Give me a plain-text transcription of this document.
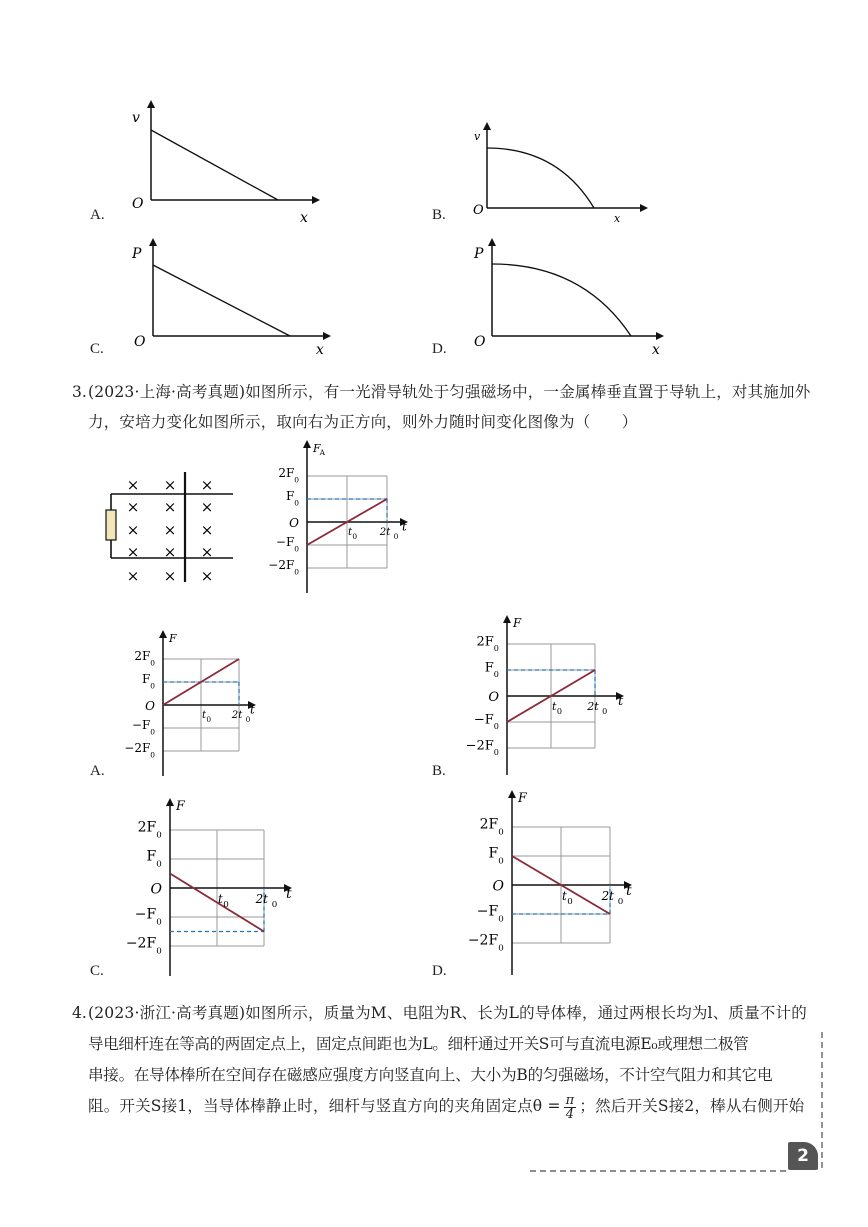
v
x
O
A.
v
x
O
B.
P
x
O
C.
P
x
O
D.
3. (2023·上海·高考真题)如图所示，有一光滑导轨处于匀强磁场中，一金属棒垂直置于导轨上，对其施加外
力，安培力变化如图所示，取向右为正方向，则外力随时间变化图像为（　　）
× × ×
× × ×
× × ×
× × ×
× × ×
2F 0
F 0
−F 0
−2F 0
O
t 0 2t 0
t
F A
2F 0
F 0
−F 0
−2F 0
O
t 0 2t 0
t
F
A.
2F 0
F 0
−F 0
−2F 0
O
t 0 2t 0
t
F
B.
2F
0
F
0
−F
0
−2F
0
O
t 0 2t 0
t
F
C.
2F
0
F
0
−F
0
−2F
0
O
t 0 2t 0
t
F
D.
4. (2023·浙江·高考真题)如图所示，质量为M、电阻为R、长为L的导体棒，通过两根长均为l、质量不计的
导电细杆连在等高的两固定点上，固定点间距也为L。细杆通过开关S可与直流电源E₀或理想二极管
串接。在导体棒所在空间存在磁感应强度方向竖直向上、大小为B的匀强磁场，不计空气阻力和其它电
阻。开关S接1，当导体棒静止时，细杆与竖直方向的夹角固定点$\theta = \frac{\pi}{4}$ ；然后开关S接2，棒从右侧开始
2
